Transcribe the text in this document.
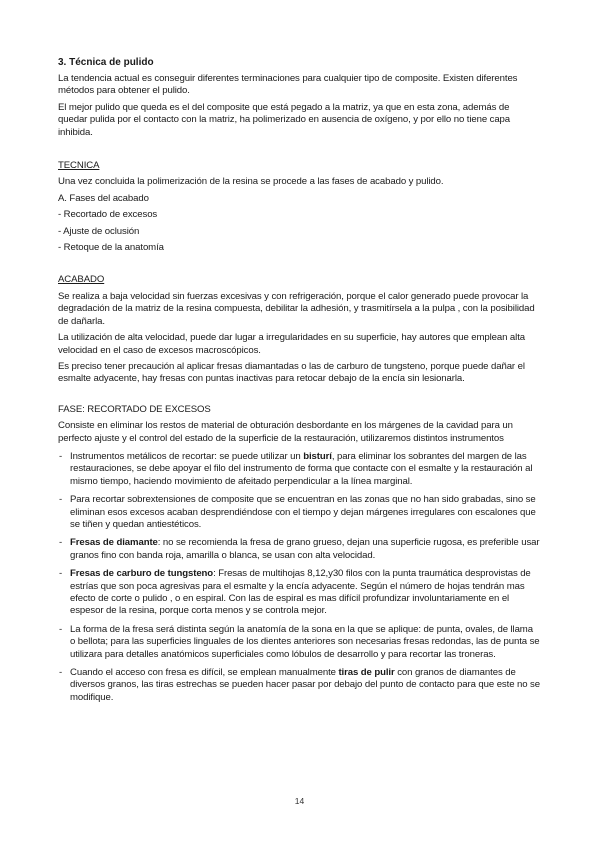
3. Técnica de pulido

La tendencia actual es conseguir diferentes terminaciones para cualquier tipo de composite. Existen diferentes métodos para obtener el pulido.

El mejor pulido que queda es el del composite que está pegado a la matriz, ya que en esta zona, además de quedar pulida por el contacto con la matriz, ha polimerizado en ausencia de oxígeno, y por ello no tiene capa inhibida.

TECNICA

Una vez concluida la polimerización de la resina se procede a las fases de acabado y pulido.

A. Fases del acabado

- Recortado de excesos

- Ajuste de oclusión

- Retoque de la anatomía

ACABADO

Se realiza a baja velocidad sin fuerzas excesivas y con refrigeración, porque el calor generado puede provocar la degradación de la matriz de la resina compuesta, debilitar la adhesión, y trasmitírsela a la pulpa , con la posibilidad de dañarla.

La utilización de alta velocidad, puede dar lugar a irregularidades en su superficie, hay autores que emplean alta velocidad en el caso de excesos macroscópicos.

Es preciso tener precaución al aplicar fresas diamantadas o las de carburo de tungsteno, porque puede dañar el esmalte adyacente, hay fresas con puntas inactivas para retocar debajo de la encía sin lesionarla.

FASE: RECORTADO DE EXCESOS

Consiste en eliminar los restos de material de obturación desbordante en los márgenes de la cavidad para un perfecto ajuste y el control del estado de la superficie de la restauración, utilizaremos distintos instrumentos

- Instrumentos metálicos de recortar: se puede utilizar un bisturí, para eliminar los sobrantes del margen de las restauraciones, se debe apoyar el filo del instrumento de forma que contacte con el esmalte y la restauración al mismo tiempo, haciendo movimiento de afeitado perpendicular a la línea marginal.
- Para recortar sobrextensiones de composite que se encuentran en las zonas que no han sido grabadas, sino se eliminan esos excesos acaban desprendiéndose con el tiempo y dejan márgenes irregulares con escalones que se tiñen y quedan antiestéticos.
- Fresas de diamante: no se recomienda la fresa de grano grueso, dejan una superficie rugosa, es preferible usar granos fino con banda roja, amarilla o blanca, se usan con alta velocidad.
- Fresas de carburo de tungsteno: Fresas de multihojas 8,12,y30 filos con la punta traumática desprovistas de estrías que son poca agresivas para el esmalte y la encía adyacente. Según el número de hojas tendrán mas efecto de corte o pulido , o en espiral. Con las de espiral es mas difícil profundizar involuntariamente en el espesor de la resina, porque corta menos y se controla mejor.
- La forma de la fresa será distinta según la anatomía de la sona en la que se aplique: de punta, ovales, de llama o bellota; para las superficies linguales de los dientes anteriores son necesarias fresas redondas, las de punta se utilizara para detalles anatómicos superficiales como lóbulos de desarrollo y para recortar las troneras.
- Cuando el acceso con fresa es difícil, se emplean manualmente tiras de pulir con granos de diamantes de diversos granos, las tiras estrechas se pueden hacer pasar por debajo del punto de contacto para que este no se modifique.
14
